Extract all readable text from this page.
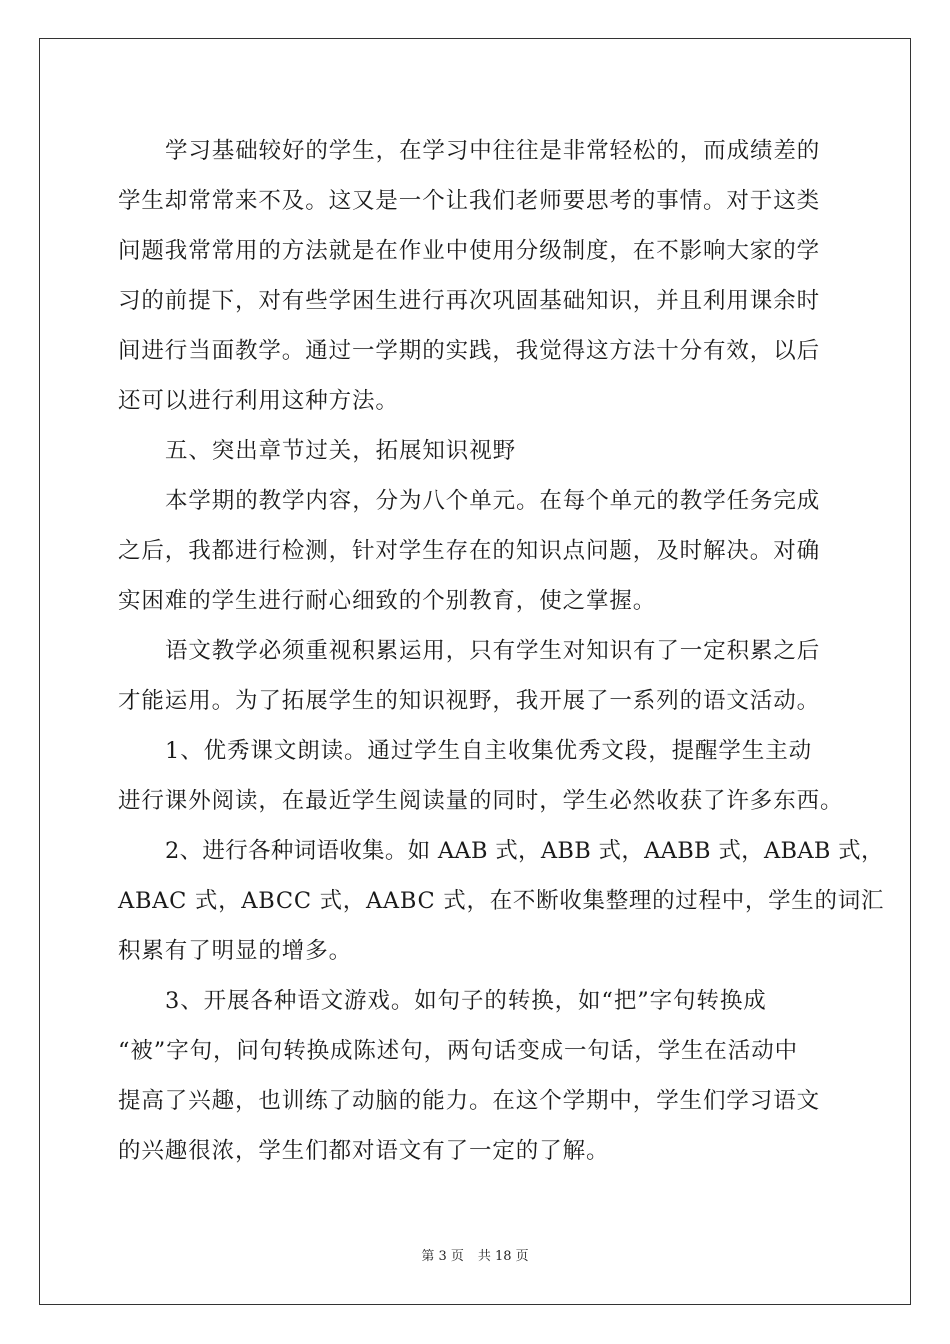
学习基础较好的学生，在学习中往往是非常轻松的，而成绩差的
学生却常常来不及。这又是一个让我们老师要思考的事情。对于这类
问题我常常用的方法就是在作业中使用分级制度，在不影响大家的学
习的前提下，对有些学困生进行再次巩固基础知识，并且利用课余时
间进行当面教学。通过一学期的实践，我觉得这方法十分有效，以后
还可以进行利用这种方法。
五、突出章节过关，拓展知识视野
本学期的教学内容，分为八个单元。在每个单元的教学任务完成
之后，我都进行检测，针对学生存在的知识点问题，及时解决。对确
实困难的学生进行耐心细致的个别教育，使之掌握。
语文教学必须重视积累运用，只有学生对知识有了一定积累之后
才能运用。为了拓展学生的知识视野，我开展了一系列的语文活动。
1、优秀课文朗读。通过学生自主收集优秀文段，提醒学生主动
进行课外阅读，在最近学生阅读量的同时，学生必然收获了许多东西。
2、进行各种词语收集。如 AAB 式，ABB 式，AABB 式，ABAB 式，
ABAC 式，ABCC 式，AABC 式，在不断收集整理的过程中，学生的词汇
积累有了明显的增多。
3、开展各种语文游戏。如句子的转换，如“把”字句转换成
“被”字句，问句转换成陈述句，两句话变成一句话，学生在活动中
提高了兴趣，也训练了动脑的能力。在这个学期中，学生们学习语文
的兴趣很浓，学生们都对语文有了一定的了解。
第 3 页 共 18 页
